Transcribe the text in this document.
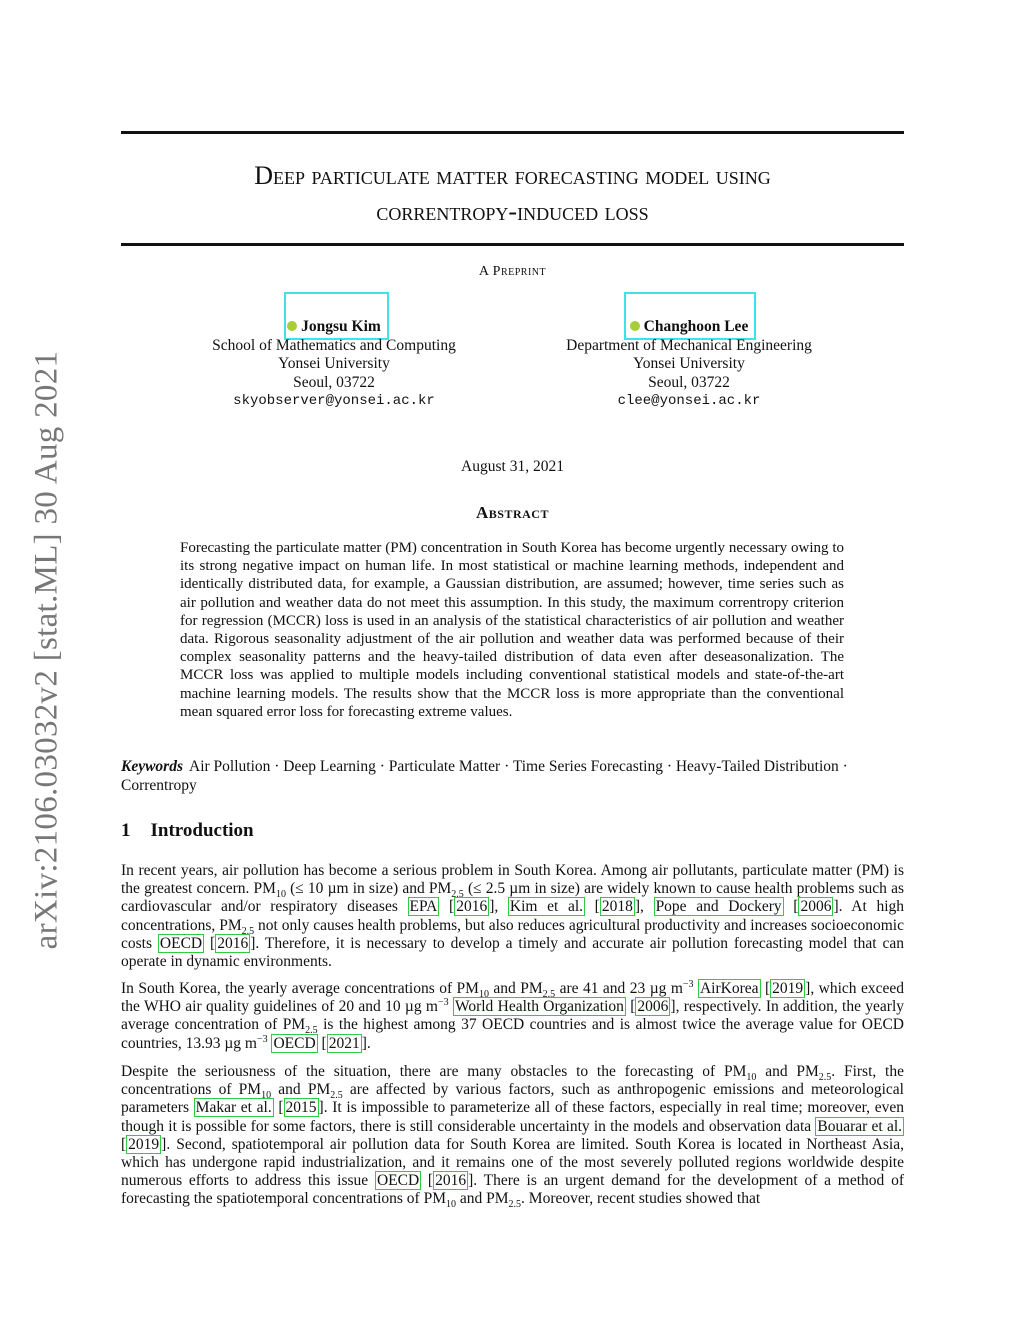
arXiv:2106.03032v2 [stat.ML] 30 Aug 2021
Deep particulate matter forecasting model using
correntropy-induced loss
A Preprint
Jongsu Kim
School of Mathematics and Computing
Yonsei University
Seoul, 03722
skyobserver@yonsei.ac.kr
Changhoon Lee
Department of Mechanical Engineering
Yonsei University
Seoul, 03722
clee@yonsei.ac.kr
August 31, 2021
Abstract
Forecasting the particulate matter (PM) concentration in South Korea has become urgently necessary owing to its strong negative impact on human life. In most statistical or machine learning methods, independent and identically distributed data, for example, a Gaussian distribution, are assumed; however, time series such as air pollution and weather data do not meet this assumption. In this study, the maximum correntropy criterion for regression (MCCR) loss is used in an analysis of the statistical characteristics of air pollution and weather data. Rigorous seasonality adjustment of the air pollution and weather data was performed because of their complex seasonality patterns and the heavy-tailed distribution of data even after deseasonalization. The MCCR loss was applied to multiple models including conventional statistical models and state-of-the-art machine learning models. The results show that the MCCR loss is more appropriate than the conventional mean squared error loss for forecasting extreme values.
Keywords Air Pollution · Deep Learning · Particulate Matter · Time Series Forecasting · Heavy-Tailed Distribution · Correntropy
1 Introduction
In recent years, air pollution has become a serious problem in South Korea. Among air pollutants, particulate matter (PM) is the greatest concern. $PM_{10}$ (≤ 10 µm in size) and $PM_{2.5}$ (≤ 2.5 µm in size) are widely known to cause health problems such as cardiovascular and/or respiratory diseases EPA [ 2016 ], Kim et al. [ 2018 ], Pope and Dockery [ 2006 ]. At high concentrations, $PM_{2.5}$ not only causes health problems, but also reduces agricultural productivity and increases socioeconomic costs OECD [ 2016 ]. Therefore, it is necessary to develop a timely and accurate air pollution forecasting model that can operate in dynamic environments.
In South Korea, the yearly average concentrations of $PM_{10}$ and $PM_{2.5}$ are 41 and 23 µg $m^{-3}$ AirKorea [ 2019 ], which exceed the WHO air quality guidelines of 20 and 10 µg $m^{-3}$ World Health Organization [ 2006 ], respectively. In addition, the yearly average concentration of $PM_{2.5}$ is the highest among 37 OECD countries and is almost twice the average value for OECD countries, 13.93 µg $m^{-3}$ OECD [ 2021 ].
Despite the seriousness of the situation, there are many obstacles to the forecasting of $PM_{10}$ and $PM_{2.5}$. First, the concentrations of $PM_{10}$ and $PM_{2.5}$ are affected by various factors, such as anthropogenic emissions and meteorological parameters Makar et al. [ 2015 ]. It is impossible to parameterize all of these factors, especially in real time; moreover, even though it is possible for some factors, there is still considerable uncertainty in the models and observation data Bouarar et al. [ 2019 ]. Second, spatiotemporal air pollution data for South Korea are limited. South Korea is located in Northeast Asia, which has undergone rapid industrialization, and it remains one of the most severely polluted regions worldwide despite numerous efforts to address this issue OECD [ 2016 ]. There is an urgent demand for the development of a method of forecasting the spatiotemporal concentrations of $PM_{10}$ and $PM_{2.5}$. Moreover, recent studies showed that
